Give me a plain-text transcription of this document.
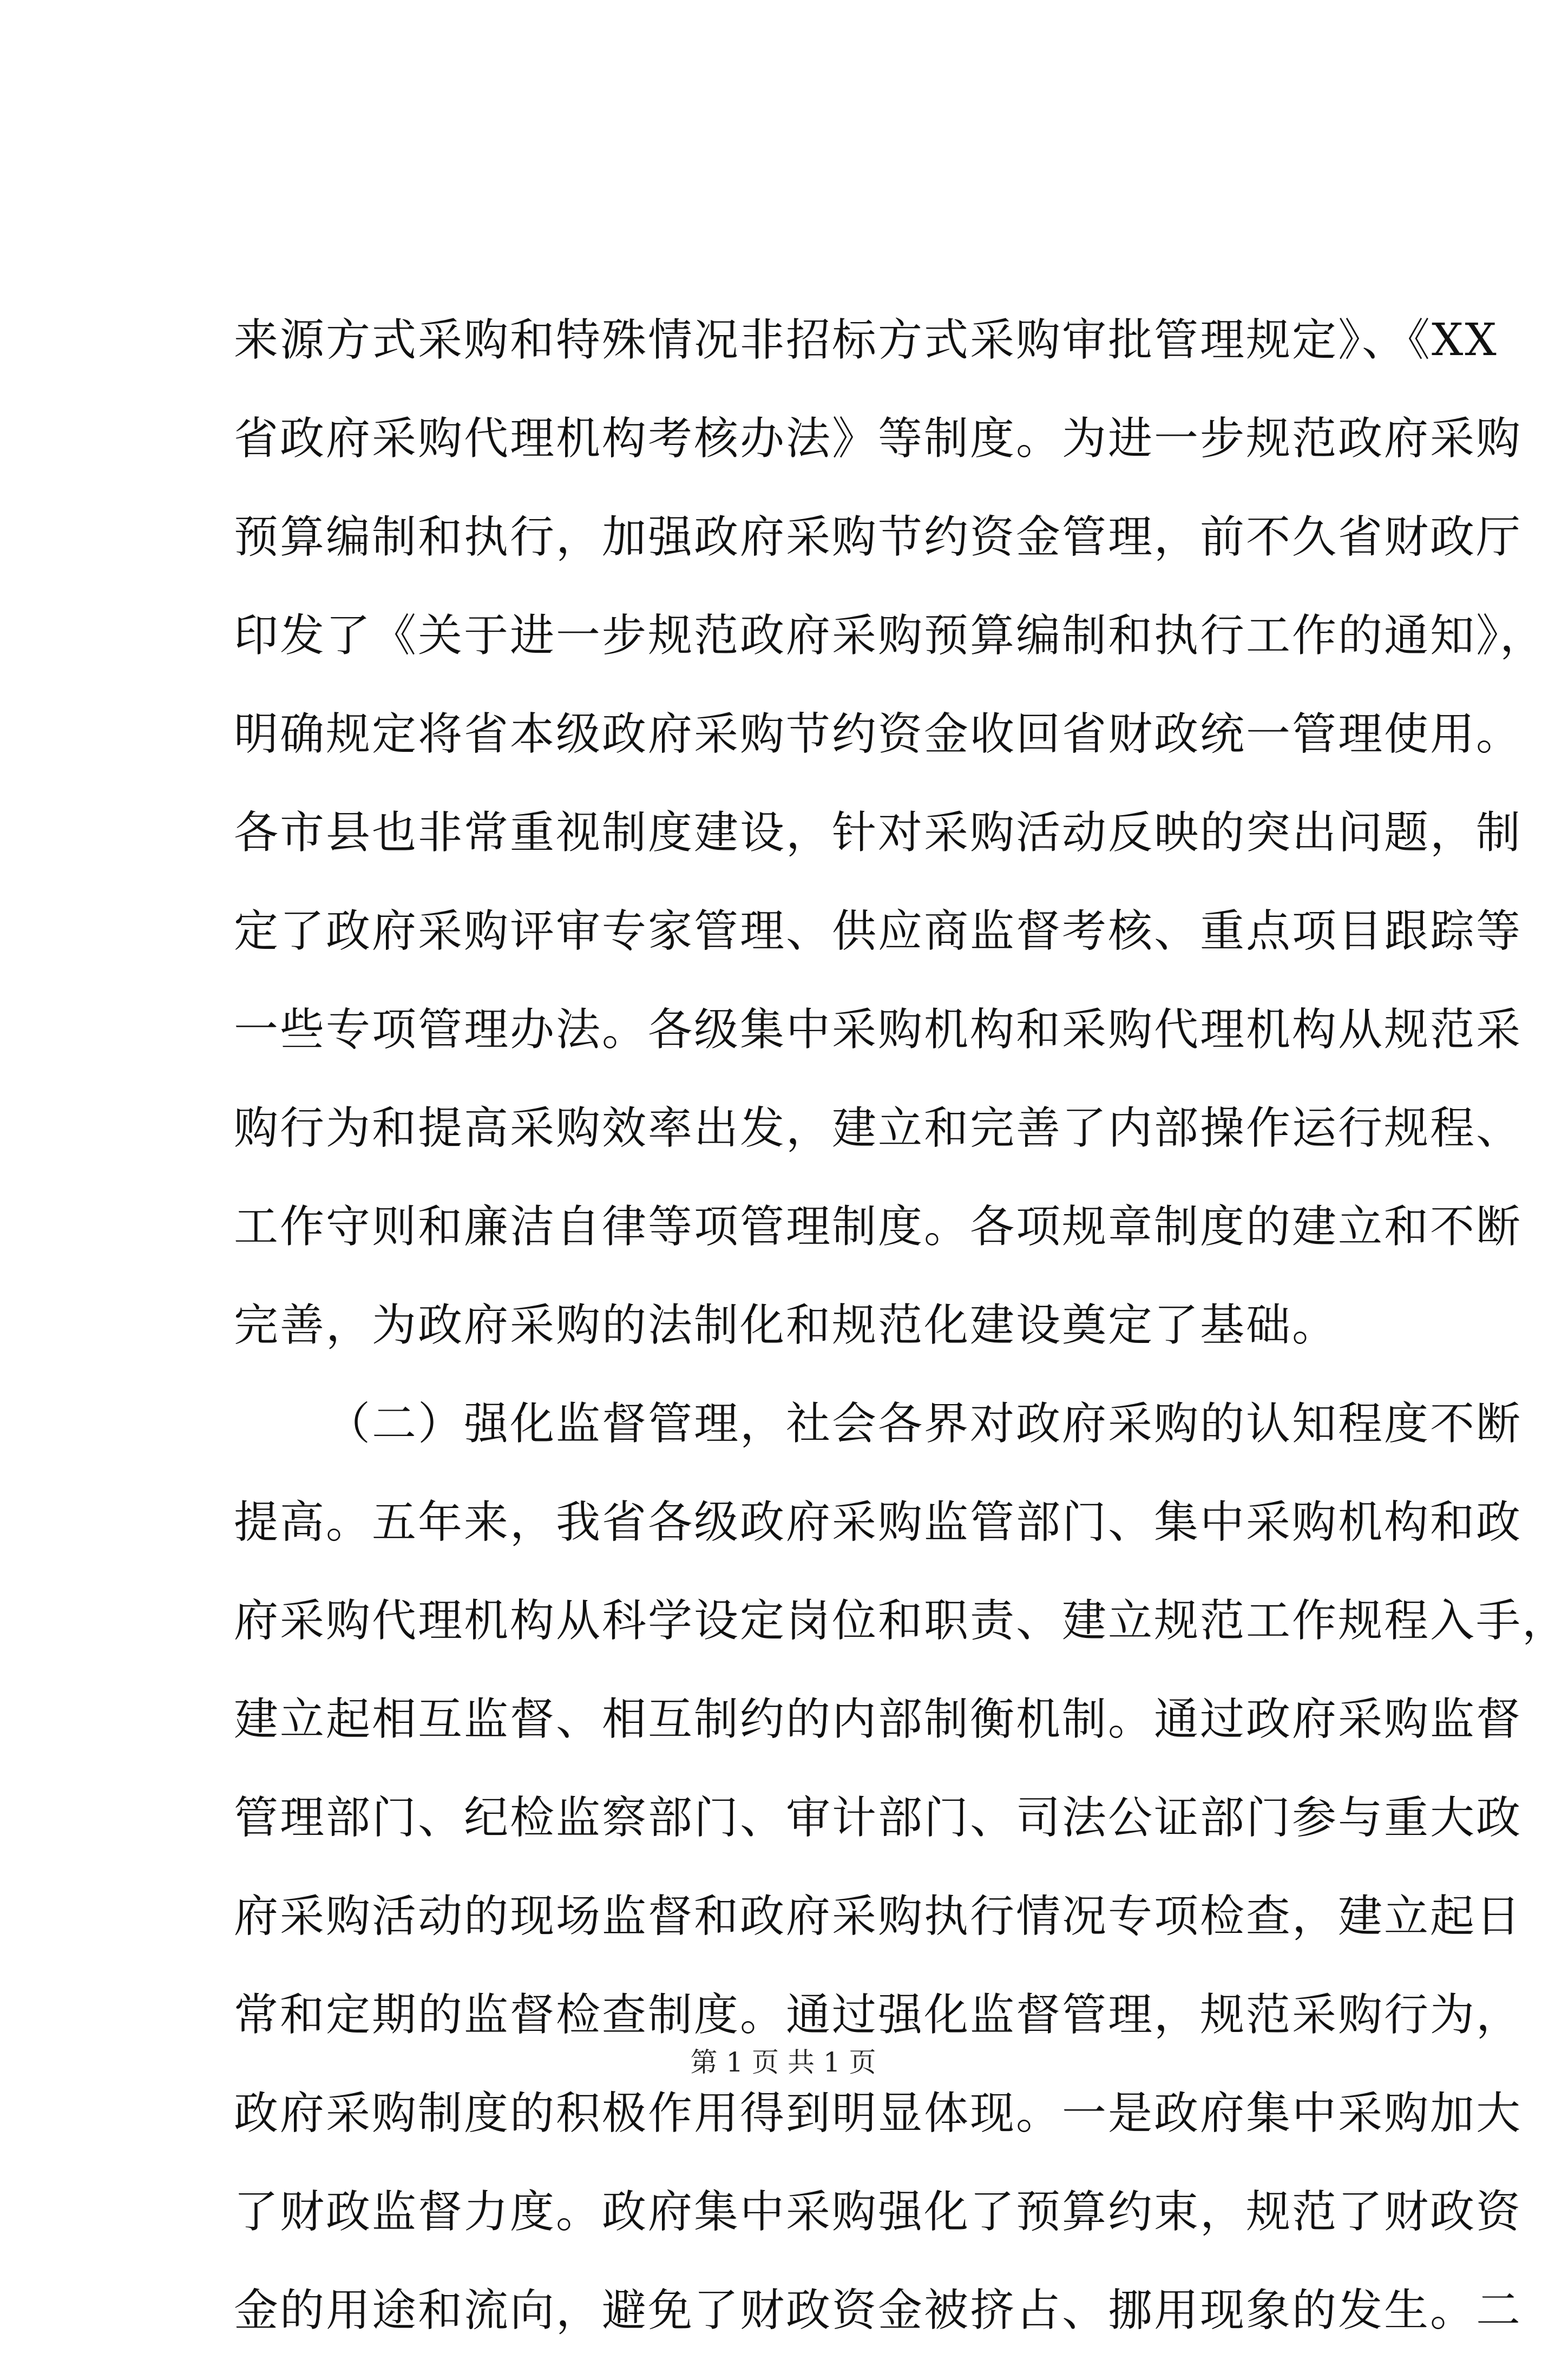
来源方式采购和特殊情况非招标方式采购审批管理规定》、《XX
省政府采购代理机构考核办法》等制度。为进一步规范政府采购
预算编制和执行，加强政府采购节约资金管理，前不久省财政厅
印发了《关于进一步规范政府采购预算编制和执行工作的通知》，
明确规定将省本级政府采购节约资金收回省财政统一管理使用。
各市县也非常重视制度建设，针对采购活动反映的突出问题，制
定了政府采购评审专家管理、供应商监督考核、重点项目跟踪等
一些专项管理办法。各级集中采购机构和采购代理机构从规范采
购行为和提高采购效率出发，建立和完善了内部操作运行规程、
工作守则和廉洁自律等项管理制度。各项规章制度的建立和不断
完善，为政府采购的法制化和规范化建设奠定了基础。
（二）强化监督管理，社会各界对政府采购的认知程度不断
提高。五年来，我省各级政府采购监管部门、集中采购机构和政
府采购代理机构从科学设定岗位和职责、建立规范工作规程入手，
建立起相互监督、相互制约的内部制衡机制。通过政府采购监督
管理部门、纪检监察部门、审计部门、司法公证部门参与重大政
府采购活动的现场监督和政府采购执行情况专项检查，建立起日
常和定期的监督检查制度。通过强化监督管理，规范采购行为，
政府采购制度的积极作用得到明显体现。一是政府集中采购加大
了财政监督力度。政府集中采购强化了预算约束，规范了财政资
金的用途和流向，避免了财政资金被挤占、挪用现象的发生。二
第 1 页 共 1 页
